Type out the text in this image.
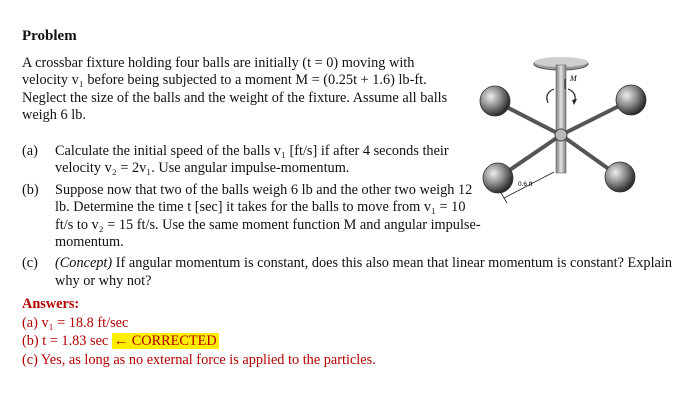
Problem
A crossbar fixture holding four balls are initially (t = 0) moving with velocity v₁ before being subjected to a moment M = (0.25t + 1.6) lb-ft. Neglect the size of the balls and the weight of the fixture. Assume all balls weigh 6 lb.
(a) Calculate the initial speed of the balls v₁ [ft/s] if after 4 seconds their velocity v₂ = 2v₁. Use angular impulse-momentum.
(b) Suppose now that two of the balls weigh 6 lb and the other two weigh 12 lb. Determine the time t [sec] it takes for the balls to move from v₁ = 10 ft/s to v₂ = 15 ft/s. Use the same moment function M and angular impulse-momentum.
(c) (Concept) If angular momentum is constant, does this also mean that linear momentum is constant? Explain why or why not?
Answers:
(a) v₁ = 18.8 ft/sec
(b) t = 1.83 sec ← CORRECTED
(c) Yes, as long as no external force is applied to the particles.
M
0.6 ft
